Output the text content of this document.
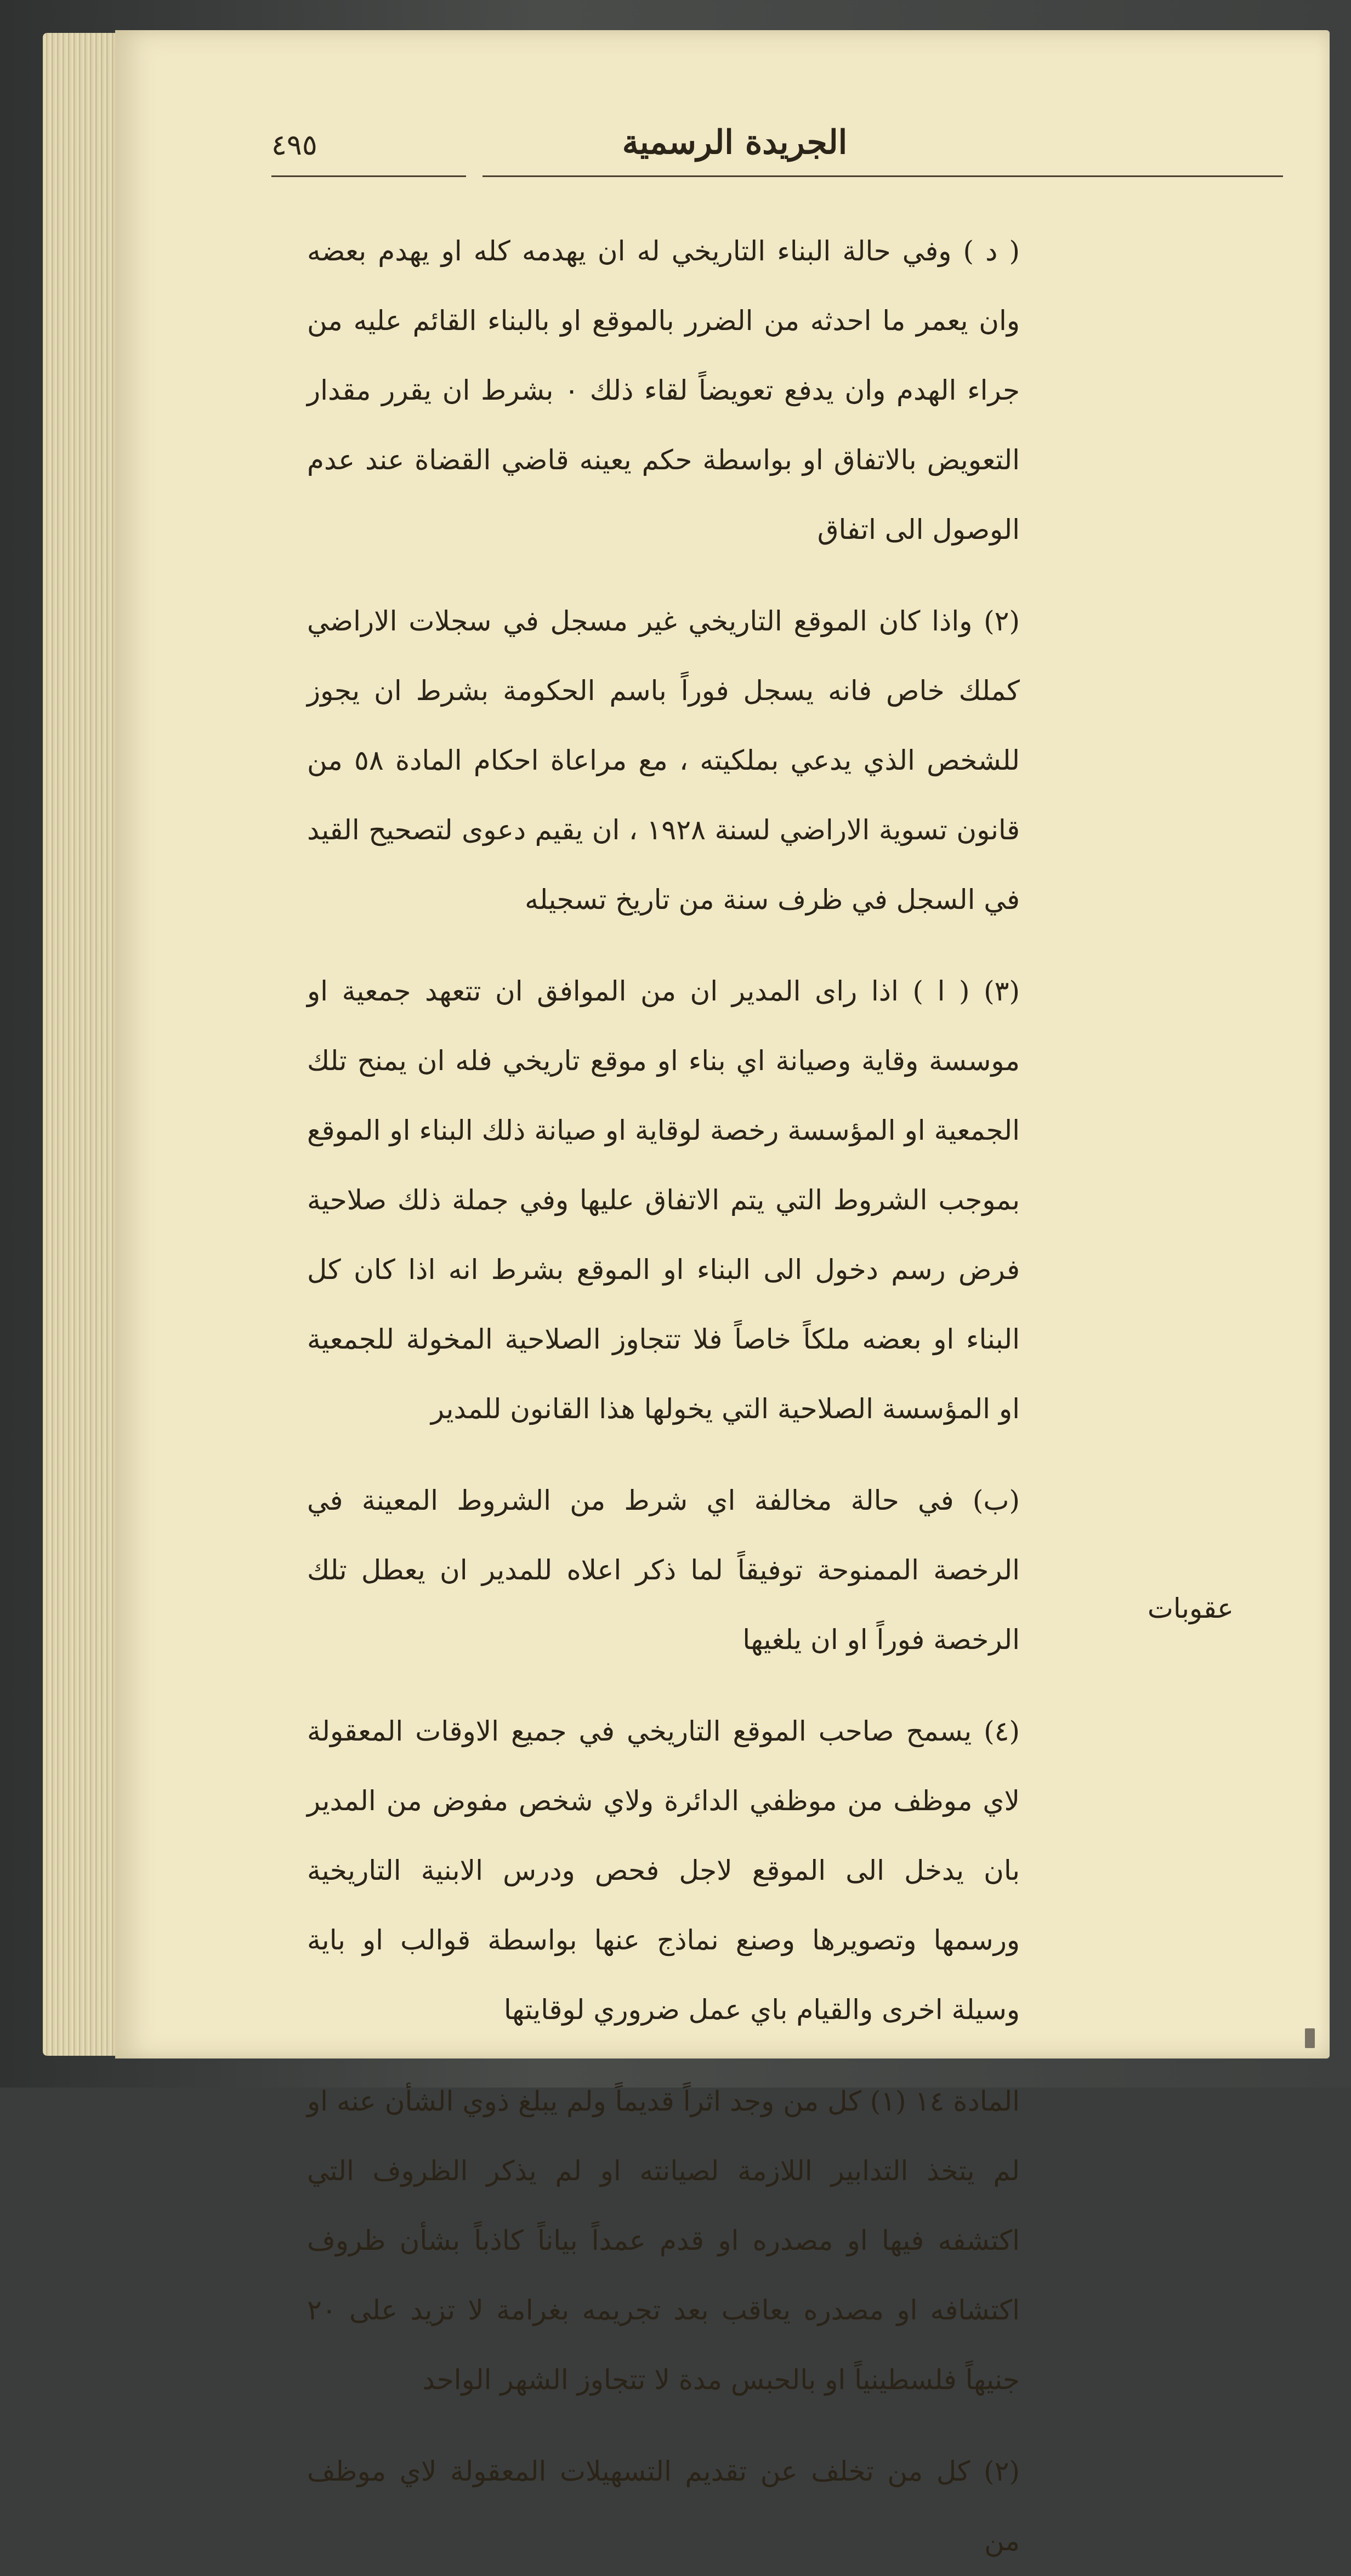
٤٩٥	الجريدة الرسمية

( د ) وفي حالة البناء التاريخي له ان يهدمه كله او يهدم بعضه وان يعمر ما احدثه من الضرر بالموقع او بالبناء القائم عليه من جراء الهدم وان يدفع تعويضاً لقاء ذلك ٠ بشرط ان يقرر مقدار التعويض بالاتفاق او بواسطة حكم يعينه قاضي القضاة عند عدم الوصول الى اتفاق

(٢) واذا كان الموقع التاريخي غير مسجل في سجلات الاراضي كملك خاص فانه يسجل فوراً باسم الحكومة بشرط ان يجوز للشخص الذي يدعي بملكيته ، مع مراعاة احكام المادة ٥٨ من قانون تسوية الاراضي لسنة ١٩٢٨ ، ان يقيم دعوى لتصحيح القيد في السجل في ظرف سنة من تاريخ تسجيله

(٣) ( ا ) اذا راى المدير ان من الموافق ان تتعهد جمعية او موسسة وقاية وصيانة اي بناء او موقع تاريخي فله ان يمنح تلك الجمعية او المؤسسة رخصة لوقاية او صيانة ذلك البناء او الموقع بموجب الشروط التي يتم الاتفاق عليها وفي جملة ذلك صلاحية فرض رسم دخول الى البناء او الموقع بشرط انه اذا كان كل البناء او بعضه ملكاً خاصاً فلا تتجاوز الصلاحية المخولة للجمعية او المؤسسة الصلاحية التي يخولها هذا القانون للمدير

(ب) في حالة مخالفة اي شرط من الشروط المعينة في الرخصة الممنوحة توفيقاً لما ذكر اعلاه للمدير ان يعطل تلك الرخصة فوراً او ان يلغيها

(٤) يسمح صاحب الموقع التاريخي في جميع الاوقات المعقولة لاي موظف من موظفي الدائرة ولاي شخص مفوض من المدير بان يدخل الى الموقع لاجل فحص ودرس الابنية التاريخية ورسمها وتصويرها وصنع نماذج عنها بواسطة قوالب او باية وسيلة اخرى والقيام باي عمل ضروري لوقايتها

المادة ١٤ (١) كل من وجد اثراً قديماً ولم يبلغ ذوي الشأن عنه او لم يتخذ التدابير اللازمة لصيانته او لم يذكر الظروف التي اكتشفه فيها او مصدره او قدم عمداً بياناً كاذباً بشأن ظروف اكتشافه او مصدره يعاقب بعد تجريمه بغرامة لا تزيد على ٢٠ جنيهاً فلسطينياً او بالحبس مدة لا تتجاوز الشهر الواحد

(٢) كل من تخلف عن تقديم التسهيلات المعقولة لاي موظف من

عقوبات
